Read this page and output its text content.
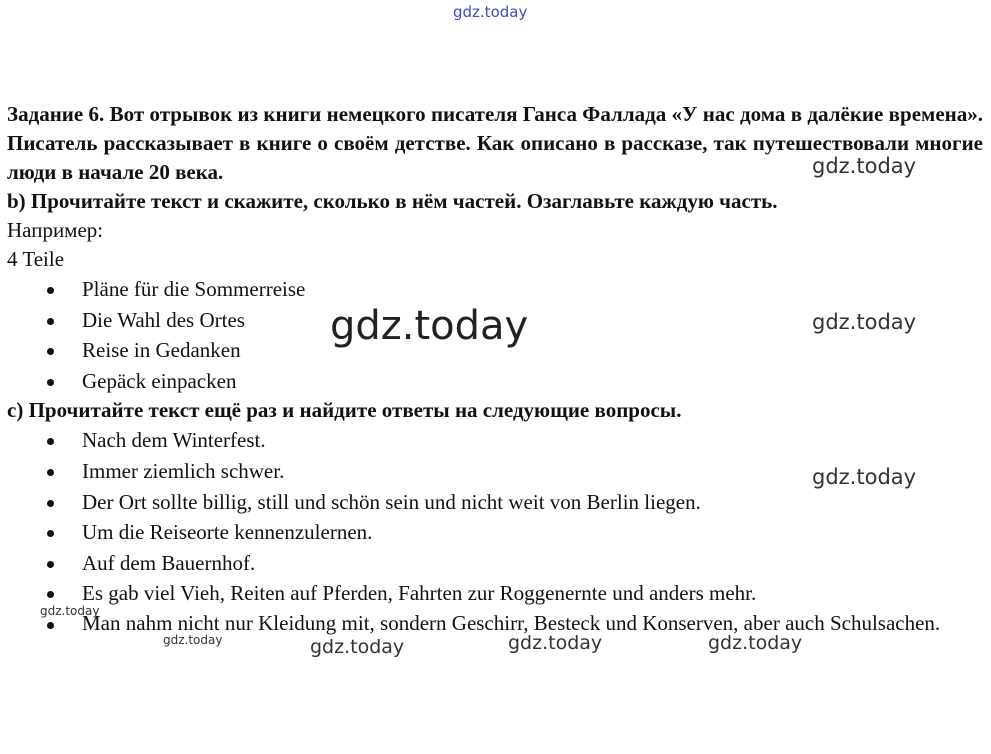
Задание 6. Вот отрывок из книги немецкого писателя Ганса Фаллада «У нас дома в далёкие времена». Писатель рассказывает в книге о своём детстве. Как описано в рассказе, так путешествовали многие люди в начале 20 века.

b) Прочитайте текст и скажите, сколько в нём частей. Озаглавьте каждую часть.

Например:

4 Teile

Pläne für die Sommerreise
Die Wahl des Ortes
Reise in Gedanken
Gepäck einpacken

c) Прочитайте текст ещё раз и найдите ответы на следующие вопросы.

Nach dem Winterfest.
Immer ziemlich schwer.
Der Ort sollte billig, still und schön sein und nicht weit von Berlin liegen.
Um die Reiseorte kennenzulernen.
Auf dem Bauernhof.
Es gab viel Vieh, Reiten auf Pferden, Fahrten zur Roggenernte und anders mehr.
Man nahm nicht nur Kleidung mit, sondern Geschirr, Besteck und Konserven, aber auch Schulsachen.
gdz.today
gdz.today
gdz.today	gdz.today
gdz.today
gdz.today
gdz.today	gdz.today	gdz.today	gdz.today
